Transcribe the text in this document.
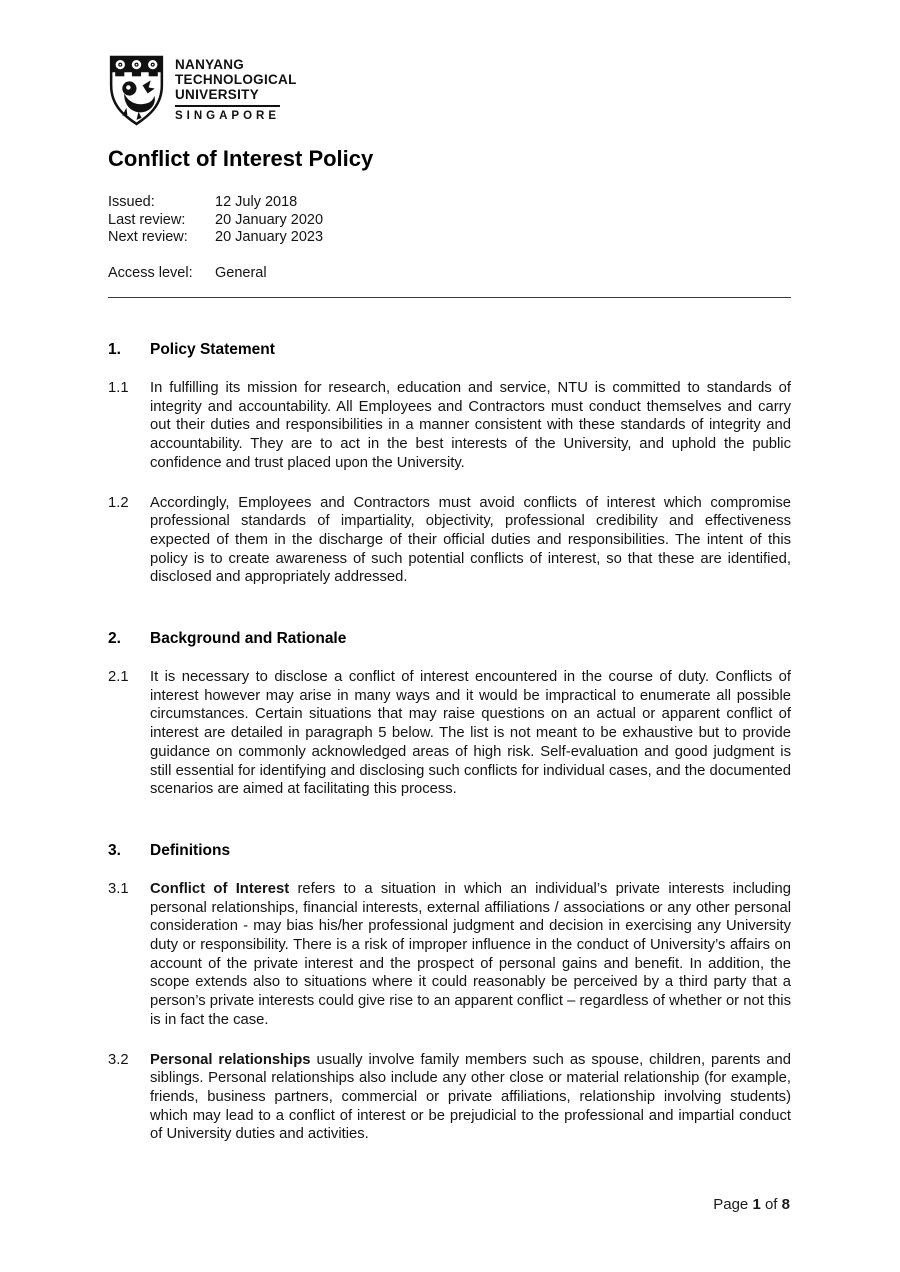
NANYANG
TECHNOLOGICAL
UNIVERSITY
SINGAPORE
Conflict of Interest Policy
Issued:	12 July 2018
Last review:	20 January 2020
Next review:	20 January 2023
Access level:	General
1.	Policy Statement
1.1	In fulfilling its mission for research, education and service, NTU is committed to standards of integrity and accountability. All Employees and Contractors must conduct themselves and carry out their duties and responsibilities in a manner consistent with these standards of integrity and accountability. They are to act in the best interests of the University, and uphold the public confidence and trust placed upon the University.
1.2	Accordingly, Employees and Contractors must avoid conflicts of interest which compromise professional standards of impartiality, objectivity, professional credibility and effectiveness expected of them in the discharge of their official duties and responsibilities. The intent of this policy is to create awareness of such potential conflicts of interest, so that these are identified, disclosed and appropriately addressed.
2.	Background and Rationale
2.1	It is necessary to disclose a conflict of interest encountered in the course of duty. Conflicts of interest however may arise in many ways and it would be impractical to enumerate all possible circumstances. Certain situations that may raise questions on an actual or apparent conflict of interest are detailed in paragraph 5 below. The list is not meant to be exhaustive but to provide guidance on commonly acknowledged areas of high risk. Self-evaluation and good judgment is still essential for identifying and disclosing such conflicts for individual cases, and the documented scenarios are aimed at facilitating this process.
3.	Definitions
3.1	Conflict of Interest refers to a situation in which an individual’s private interests including personal relationships, financial interests, external affiliations / associations or any other personal consideration - may bias his/her professional judgment and decision in exercising any University duty or responsibility. There is a risk of improper influence in the conduct of University’s affairs on account of the private interest and the prospect of personal gains and benefit. In addition, the scope extends also to situations where it could reasonably be perceived by a third party that a person’s private interests could give rise to an apparent conflict – regardless of whether or not this is in fact the case.
3.2	Personal relationships usually involve family members such as spouse, children, parents and siblings. Personal relationships also include any other close or material relationship (for example, friends, business partners, commercial or private affiliations, relationship involving students) which may lead to a conflict of interest or be prejudicial to the professional and impartial conduct of University duties and activities.
Page 1 of 8
